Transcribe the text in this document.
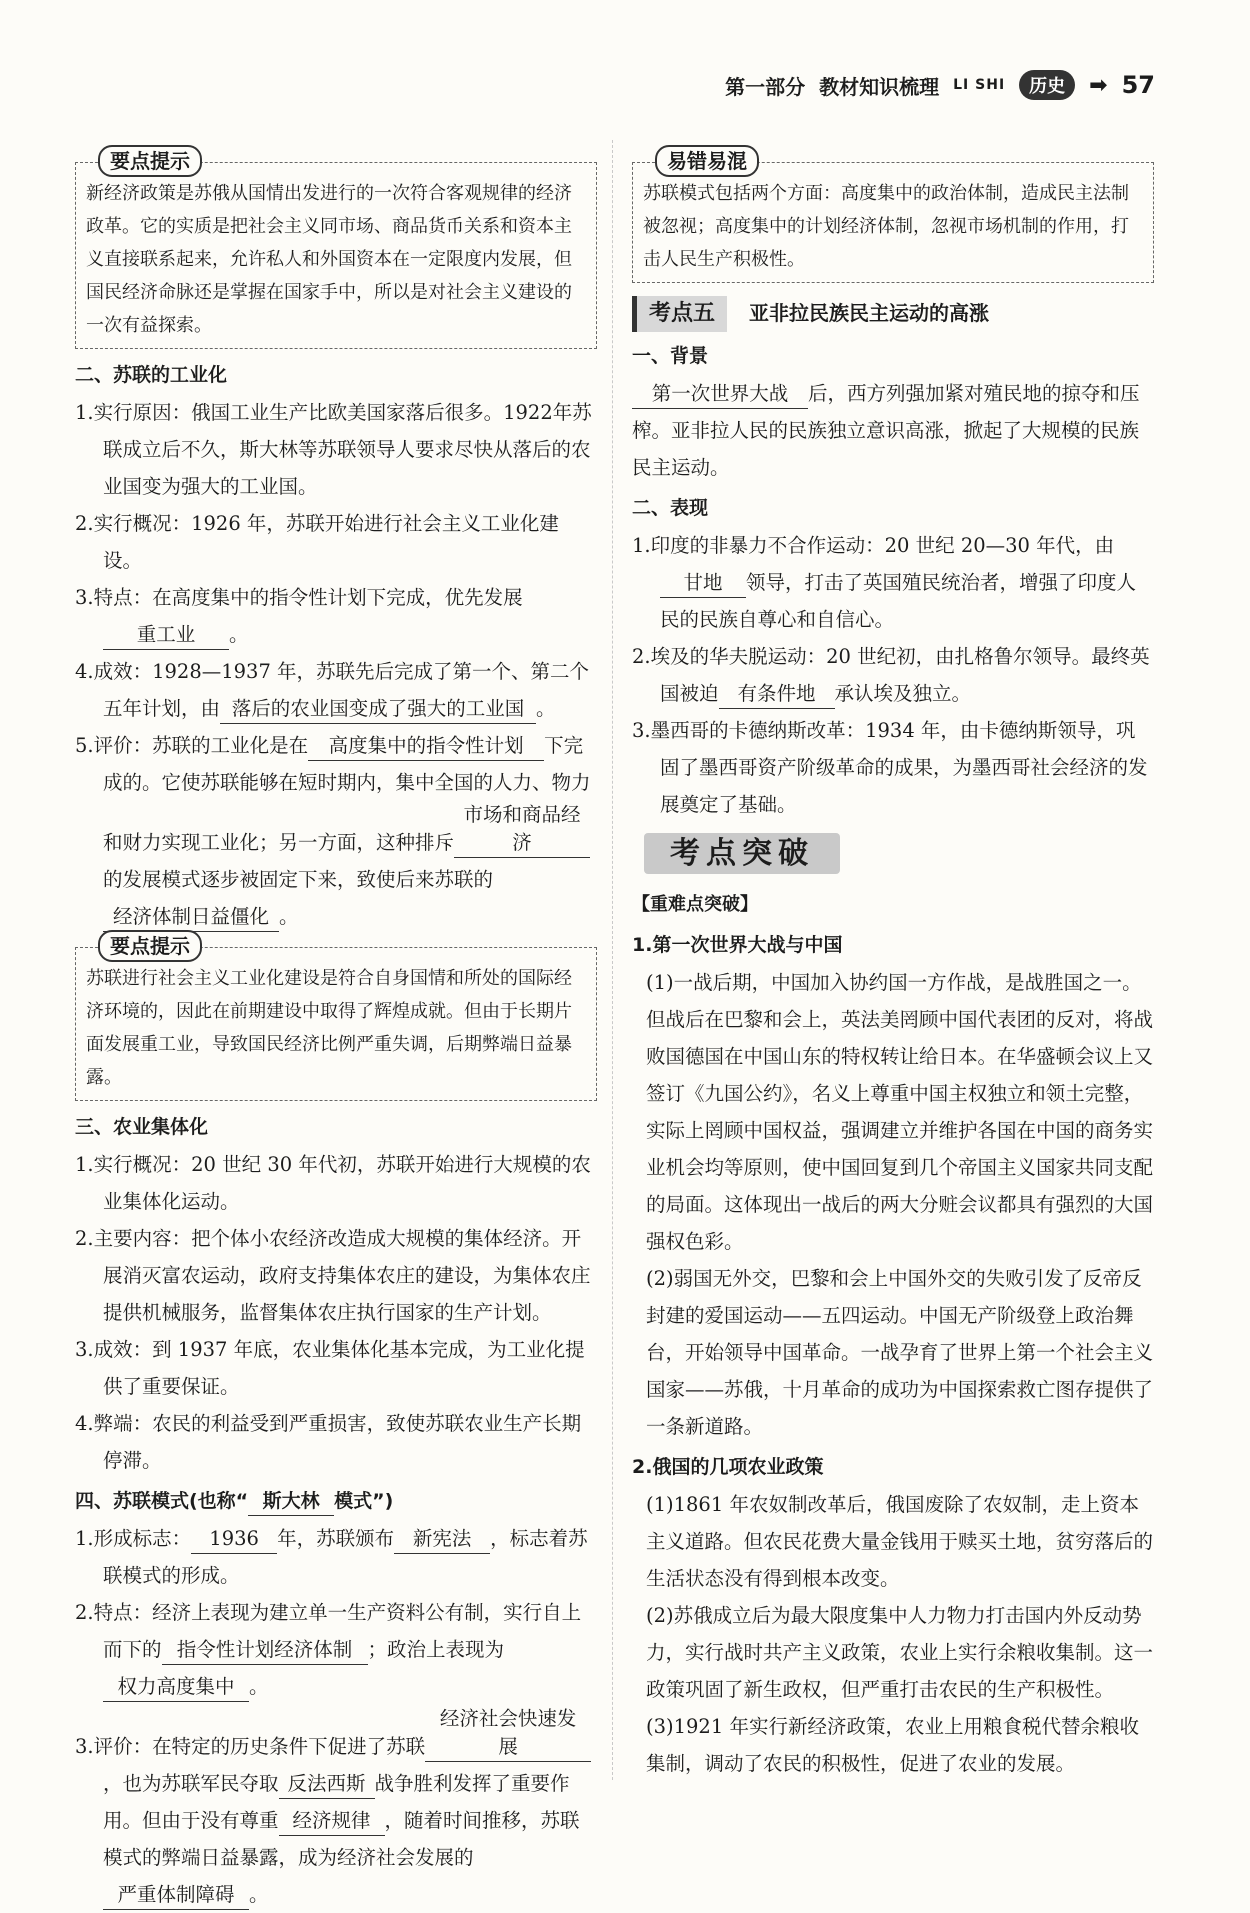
第一部分 教材知识梳理 LI SHI	历史	➡ 57
要点提示
新经济政策是苏俄从国情出发进行的一次符合客观规律的经济政革。它的实质是把社会主义同市场、商品货币关系和资本主义直接联系起来，允许私人和外国资本在一定限度内发展，但国民经济命脉还是掌握在国家手中，所以是对社会主义建设的一次有益探索。
二、苏联的工业化
1.实行原因：俄国工业生产比欧美国家落后很多。1922年苏联成立后不久，斯大林等苏联领导人要求尽快从落后的农业国变为强大的工业国。
2.实行概况：1926 年，苏联开始进行社会主义工业化建设。
3.特点：在高度集中的指令性计划下完成，优先发展重工业 。
4.成效：1928—1937 年，苏联先后完成了第一个、第二个五年计划，由 落后的农业国变成了强大的工业国 。
5.评价：苏联的工业化是在 高度集中的指令性计划 下完成的。它使苏联能够在短时期内，集中全国的人力、物力和财力实现工业化；另一方面，这种排斥市场和商品经济的发展模式逐步被固定下来，致使后来苏联的经济体制日益僵化 。
要点提示
苏联进行社会主义工业化建设是符合自身国情和所处的国际经济环境的，因此在前期建设中取得了辉煌成就。但由于长期片面发展重工业，导致国民经济比例严重失调，后期弊端日益暴露。
三、农业集体化
1.实行概况：20 世纪 30 年代初，苏联开始进行大规模的农业集体化运动。
2.主要内容：把个体小农经济改造成大规模的集体经济。开展消灭富农运动，政府支持集体农庄的建设，为集体农庄提供机械服务，监督集体农庄执行国家的生产计划。
3.成效：到 1937 年底，农业集体化基本完成，为工业化提供了重要保证。
4.弊端：农民的利益受到严重损害，致使苏联农业生产长期停滞。
四、苏联模式(也称“ 斯大林 模式”)
1.形成标志： 1936 年，苏联颁布 新宪法 ，标志着苏联模式的形成。
2.特点：经济上表现为建立单一生产资料公有制，实行自上而下的 指令性计划经济体制 ；政治上表现为权力高度集中 。
3.评价：在特定的历史条件下促进了苏联经济社会快速发展，也为苏联军民夺取 反法西斯 战争胜利发挥了重要作用。但由于没有尊重 经济规律 ，随着时间推移，苏联模式的弊端日益暴露，成为经济社会发展的严重体制障碍 。
易错易混
苏联模式包括两个方面：高度集中的政治体制，造成民主法制被忽视；高度集中的计划经济体制，忽视市场机制的作用，打击人民生产积极性。
考点五	亚非拉民族民主运动的高涨
一、背景
第一次世界大战 后，西方列强加紧对殖民地的掠夺和压榨。亚非拉人民的民族独立意识高涨，掀起了大规模的民族民主运动。
二、表现
1.印度的非暴力不合作运动：20 世纪 20—30 年代，由甘地 领导，打击了英国殖民统治者，增强了印度人民的民族自尊心和自信心。
2.埃及的华夫脱运动：20 世纪初，由扎格鲁尔领导。最终英国被迫 有条件地 承认埃及独立。
3.墨西哥的卡德纳斯改革：1934 年，由卡德纳斯领导，巩固了墨西哥资产阶级革命的成果，为墨西哥社会经济的发展奠定了基础。
考点突破
【重难点突破】
1.第一次世界大战与中国
(1)一战后期，中国加入协约国一方作战，是战胜国之一。但战后在巴黎和会上，英法美罔顾中国代表团的反对，将战败国德国在中国山东的特权转让给日本。在华盛顿会议上又签订《九国公约》，名义上尊重中国主权独立和领土完整，实际上罔顾中国权益，强调建立并维护各国在中国的商务实业机会均等原则，使中国回复到几个帝国主义国家共同支配的局面。这体现出一战后的两大分赃会议都具有强烈的大国强权色彩。
(2)弱国无外交，巴黎和会上中国外交的失败引发了反帝反封建的爱国运动——五四运动。中国无产阶级登上政治舞台，开始领导中国革命。一战孕育了世界上第一个社会主义国家——苏俄，十月革命的成功为中国探索救亡图存提供了一条新道路。
2.俄国的几项农业政策
(1)1861 年农奴制改革后，俄国废除了农奴制，走上资本主义道路。但农民花费大量金钱用于赎买土地，贫穷落后的生活状态没有得到根本改变。
(2)苏俄成立后为最大限度集中人力物力打击国内外反动势力，实行战时共产主义政策，农业上实行余粮收集制。这一政策巩固了新生政权，但严重打击农民的生产积极性。
(3)1921 年实行新经济政策，农业上用粮食税代替余粮收集制，调动了农民的积极性，促进了农业的发展。
